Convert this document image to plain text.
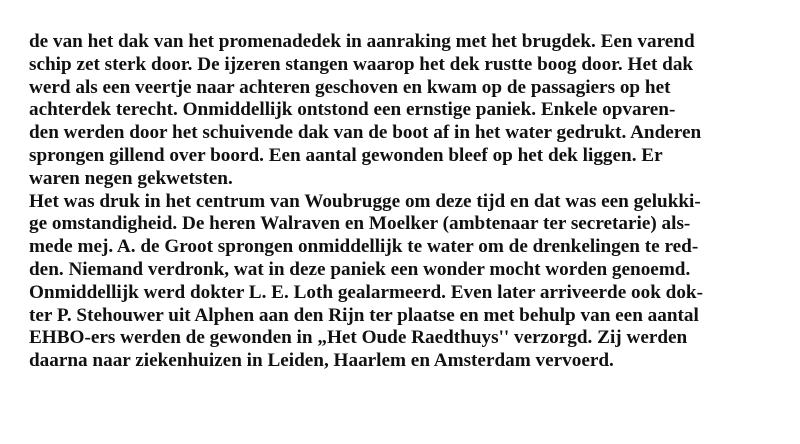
de van het dak van het promenadedek in aanraking met het brugdek. Een varend
schip zet sterk door. De ijzeren stangen waarop het dek rustte boog door. Het dak
werd als een veertje naar achteren geschoven en kwam op de passagiers op het
achterdek terecht. Onmiddellijk ontstond een ernstige paniek. Enkele opvaren-
den werden door het schuivende dak van de boot af in het water gedrukt. Anderen
sprongen gillend over boord. Een aantal gewonden bleef op het dek liggen. Er
waren negen gekwetsten.
Het was druk in het centrum van Woubrugge om deze tijd en dat was een gelukki-
ge omstandigheid. De heren Walraven en Moelker (ambtenaar ter secretarie) als-
mede mej. A. de Groot sprongen onmiddellijk te water om de drenkelingen te red-
den. Niemand verdronk, wat in deze paniek een wonder mocht worden genoemd.
Onmiddellijk werd dokter L. E. Loth gealarmeerd. Even later arriveerde ook dok-
ter P. Stehouwer uit Alphen aan den Rijn ter plaatse en met behulp van een aantal
EHBO-ers werden de gewonden in „Het Oude Raedthuys'' verzorgd. Zij werden
daarna naar ziekenhuizen in Leiden, Haarlem en Amsterdam vervoerd.
